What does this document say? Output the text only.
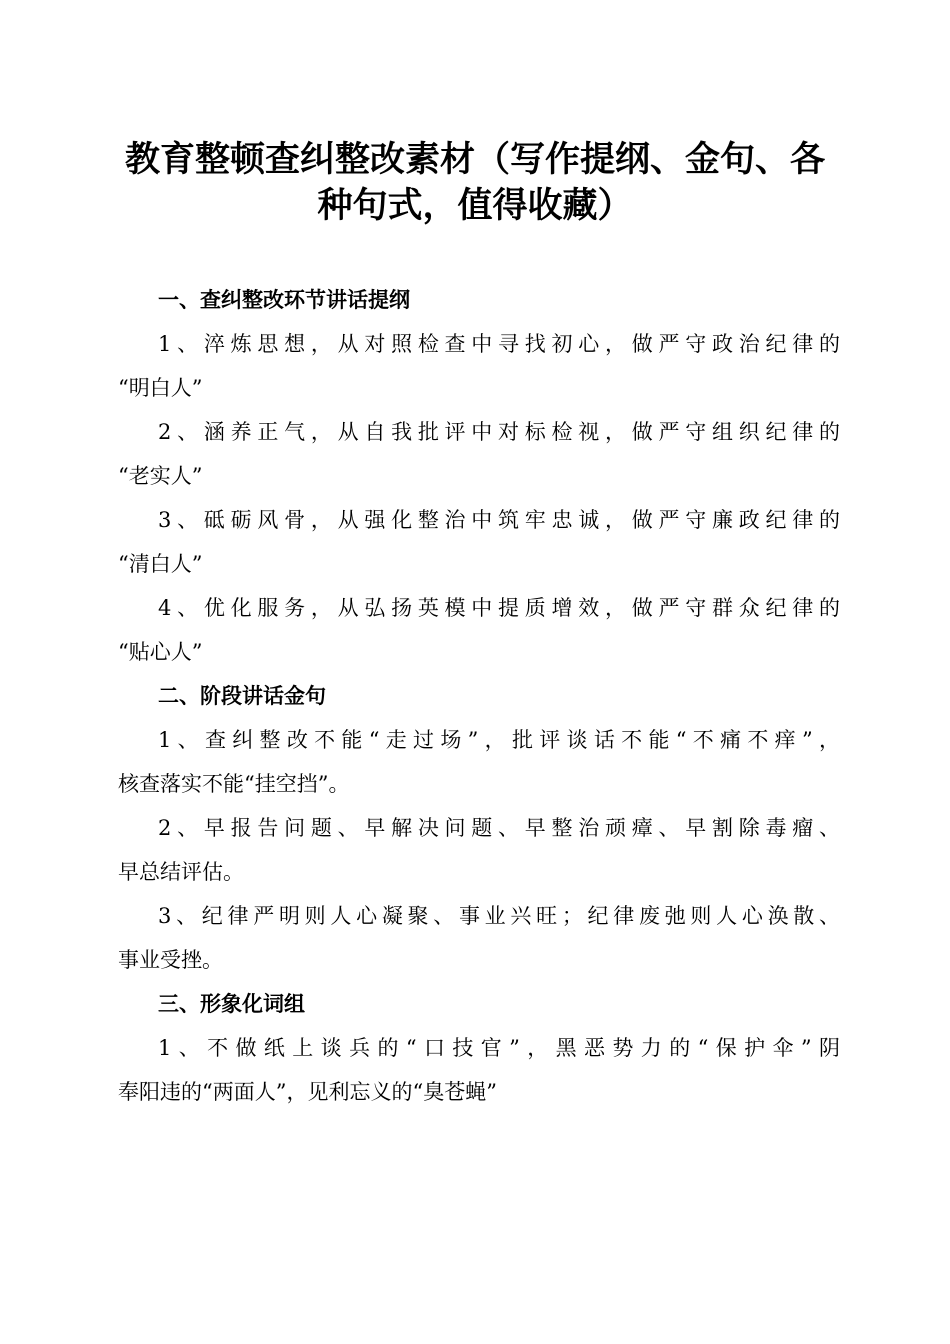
教育整顿查纠整改素材（写作提纲、金句、各
种句式，值得收藏）
一、查纠整改环节讲话提纲

1、淬炼思想，从对照检查中寻找初心，做严守政治纪律的
“明白人”

2、涵养正气，从自我批评中对标检视，做严守组织纪律的
“老实人”

3、砥砺风骨，从强化整治中筑牢忠诚，做严守廉政纪律的
“清白人”

4、优化服务，从弘扬英模中提质增效，做严守群众纪律的
“贴心人”

二、阶段讲话金句

1、查纠整改不能“走过场”，批评谈话不能“不痛不痒”，
核查落实不能“挂空挡”。

2、早报告问题、早解决问题、早整治顽瘴、早割除毒瘤、
早总结评估。

3、纪律严明则人心凝聚、事业兴旺；纪律废弛则人心涣散、
事业受挫。

三、形象化词组

1、不做纸上谈兵的“口技官”，黑恶势力的“保护伞”阴
奉阳违的“两面人”，见利忘义的“臭苍蝇”
